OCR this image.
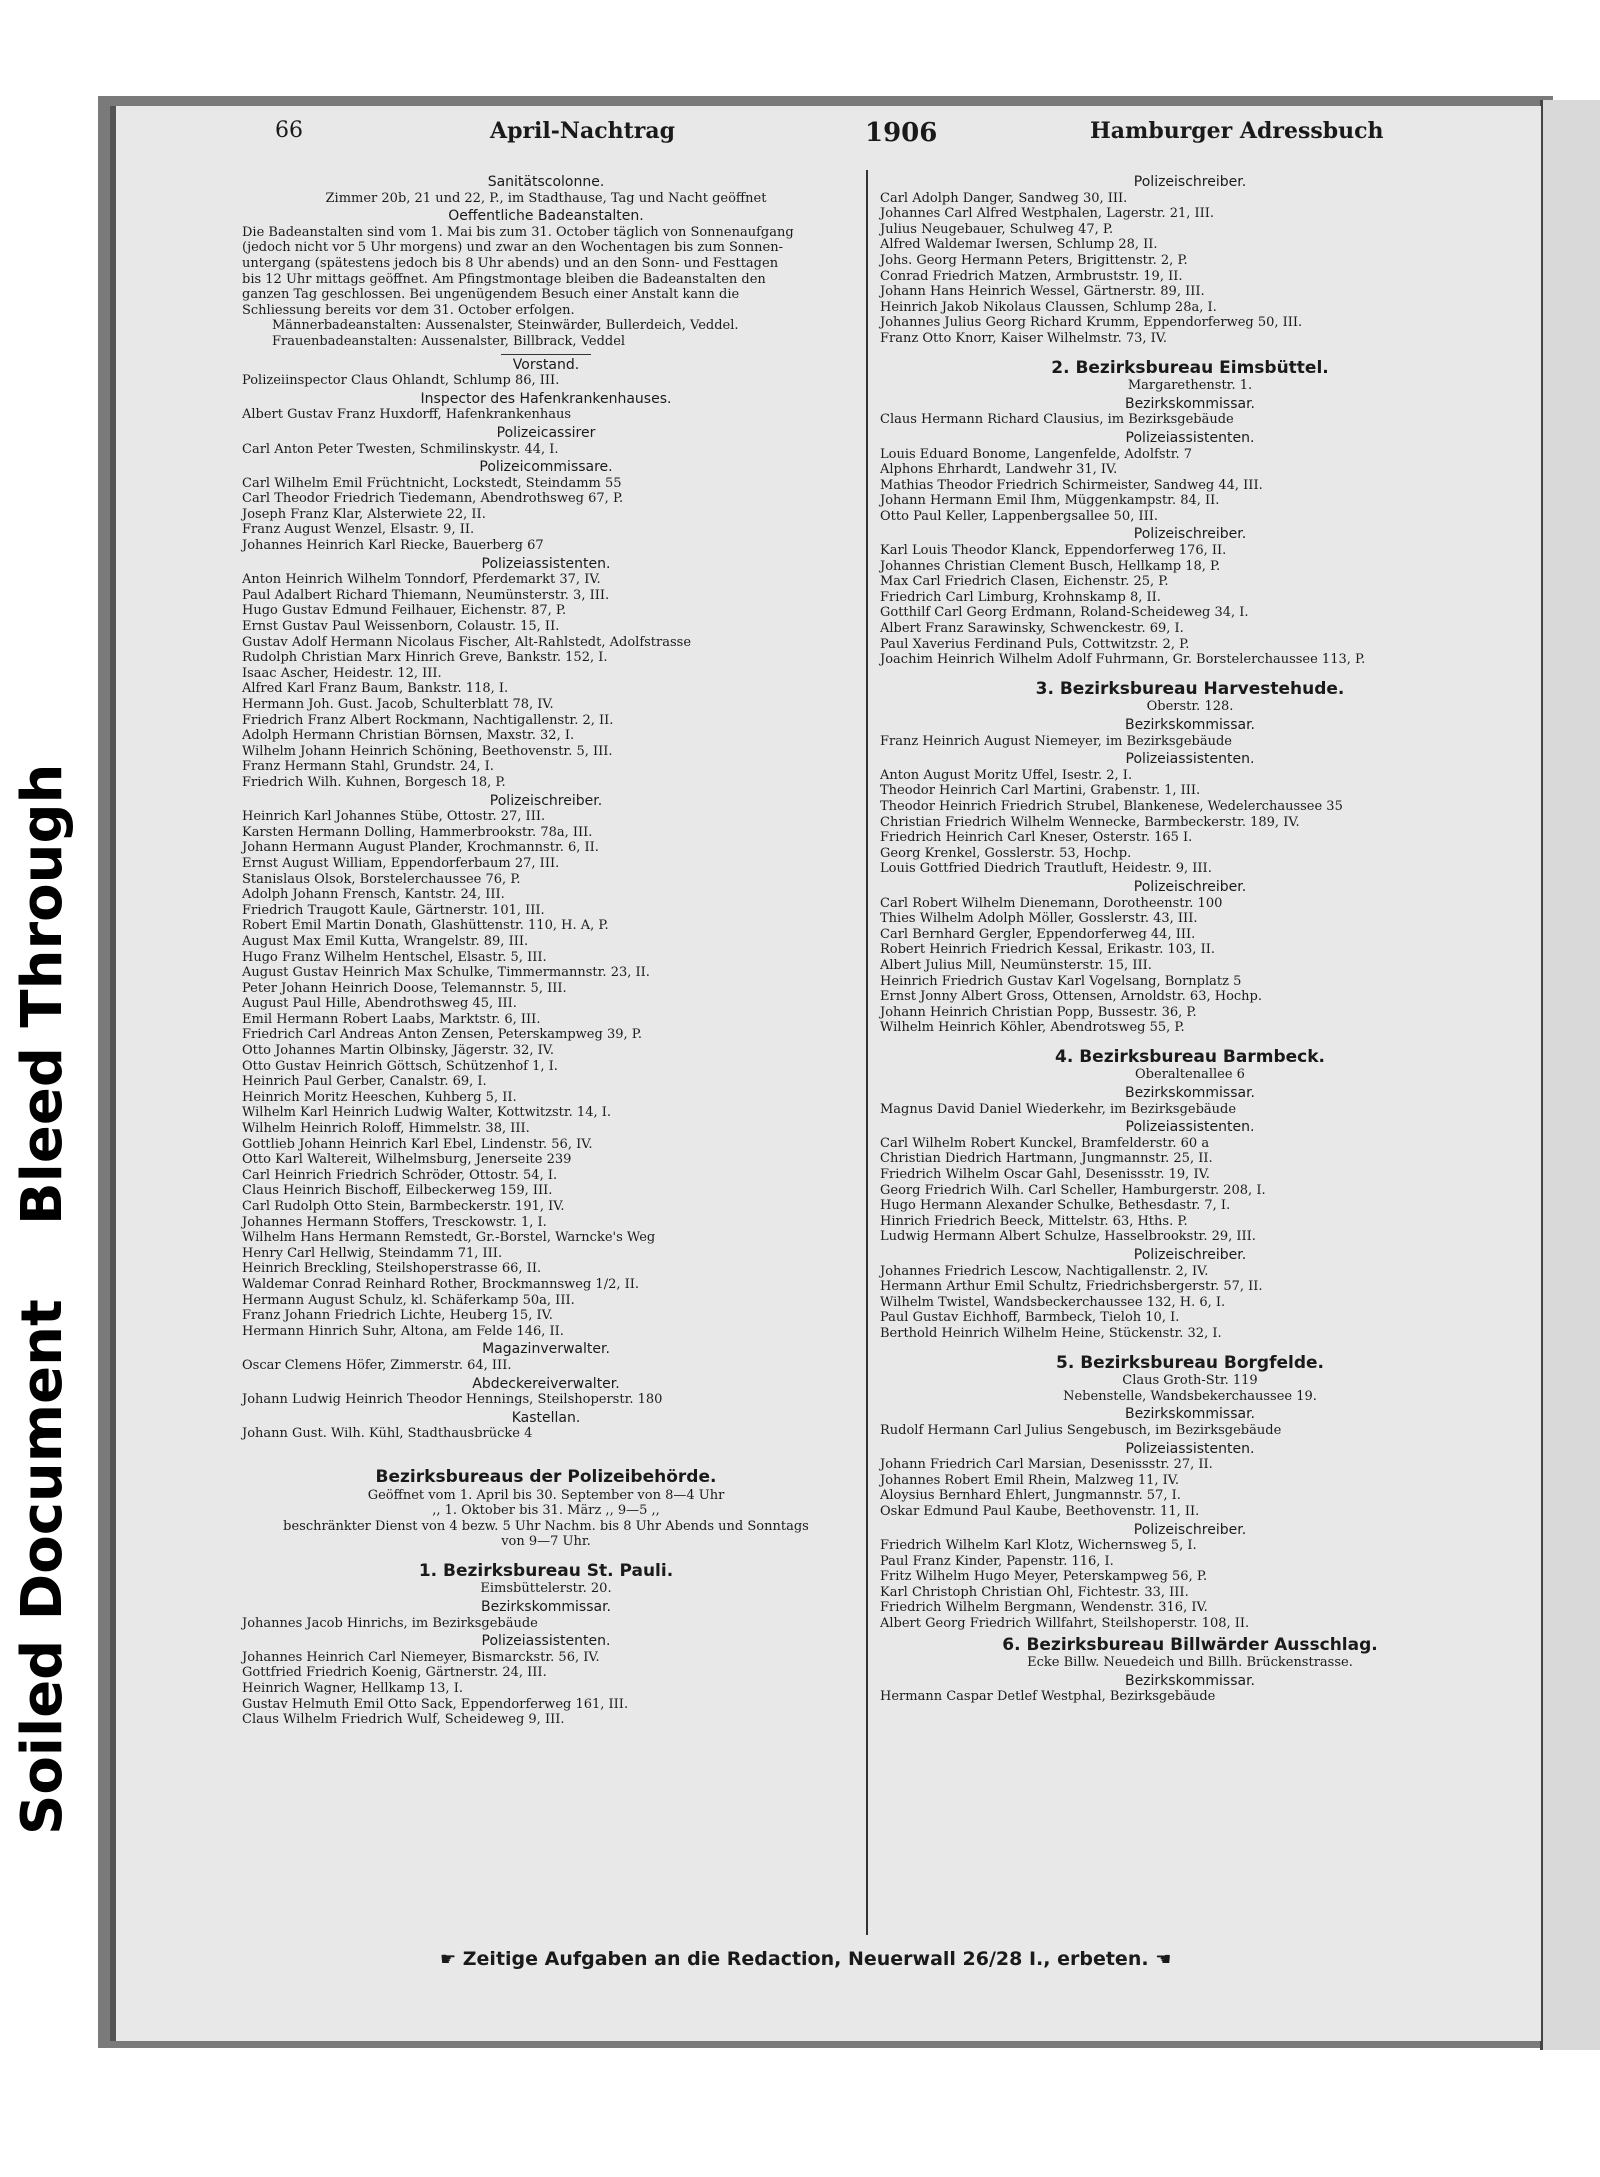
Soiled Document
Bleed Through
66	April-Nachtrag	1906	Hamburger Adressbuch
Sanitätscolonne.
Zimmer 20b, 21 und 22, P., im Stadthause, Tag und Nacht geöffnet
Oeffentliche Badeanstalten.
Die Badeanstalten sind vom 1. Mai bis zum 31. October täglich von Sonnenaufgang
(jedoch nicht vor 5 Uhr morgens) und zwar an den Wochentagen bis zum Sonnen-
untergang (spätestens jedoch bis 8 Uhr abends) und an den Sonn- und Festtagen
bis 12 Uhr mittags geöffnet. Am Pfingstmontage bleiben die Badeanstalten den
ganzen Tag geschlossen. Bei ungenügendem Besuch einer Anstalt kann die
Schliessung bereits vor dem 31. October erfolgen.
Männerbadeanstalten: Aussenalster, Steinwärder, Bullerdeich, Veddel.
Frauenbadeanstalten: Aussenalster, Billbrack, Veddel
Vorstand.
Polizeiinspector Claus Ohlandt, Schlump 86, III.
Inspector des Hafenkrankenhauses.
Albert Gustav Franz Huxdorff, Hafenkrankenhaus
Polizeicassirer
Carl Anton Peter Twesten, Schmilinskystr. 44, I.
Polizeicommissare.
Carl Wilhelm Emil Früchtnicht, Lockstedt, Steindamm 55
Carl Theodor Friedrich Tiedemann, Abendrothsweg 67, P.
Joseph Franz Klar, Alsterwiete 22, II.
Franz August Wenzel, Elsastr. 9, II.
Johannes Heinrich Karl Riecke, Bauerberg 67
Polizeiassistenten.
Anton Heinrich Wilhelm Tonndorf, Pferdemarkt 37, IV.
Paul Adalbert Richard Thiemann, Neumünsterstr. 3, III.
Hugo Gustav Edmund Feilhauer, Eichenstr. 87, P.
Ernst Gustav Paul Weissenborn, Colaustr. 15, II.
Gustav Adolf Hermann Nicolaus Fischer, Alt-Rahlstedt, Adolfstrasse
Rudolph Christian Marx Hinrich Greve, Bankstr. 152, I.
Isaac Ascher, Heidestr. 12, III.
Alfred Karl Franz Baum, Bankstr. 118, I.
Hermann Joh. Gust. Jacob, Schulterblatt 78, IV.
Friedrich Franz Albert Rockmann, Nachtigallenstr. 2, II.
Adolph Hermann Christian Börnsen, Maxstr. 32, I.
Wilhelm Johann Heinrich Schöning, Beethovenstr. 5, III.
Franz Hermann Stahl, Grundstr. 24, I.
Friedrich Wilh. Kuhnen, Borgesch 18, P.
Polizeischreiber.
Heinrich Karl Johannes Stübe, Ottostr. 27, III.
Karsten Hermann Dolling, Hammerbrookstr. 78a, III.
Johann Hermann August Plander, Krochmannstr. 6, II.
Ernst August William, Eppendorferbaum 27, III.
Stanislaus Olsok, Borstelerchaussee 76, P.
Adolph Johann Frensch, Kantstr. 24, III.
Friedrich Traugott Kaule, Gärtnerstr. 101, III.
Robert Emil Martin Donath, Glashüttenstr. 110, H. A, P.
August Max Emil Kutta, Wrangelstr. 89, III.
Hugo Franz Wilhelm Hentschel, Elsastr. 5, III.
August Gustav Heinrich Max Schulke, Timmermannstr. 23, II.
Peter Johann Heinrich Doose, Telemannstr. 5, III.
August Paul Hille, Abendrothsweg 45, III.
Emil Hermann Robert Laabs, Marktstr. 6, III.
Friedrich Carl Andreas Anton Zensen, Peterskampweg 39, P.
Otto Johannes Martin Olbinsky, Jägerstr. 32, IV.
Otto Gustav Heinrich Göttsch, Schützenhof 1, I.
Heinrich Paul Gerber, Canalstr. 69, I.
Heinrich Moritz Heeschen, Kuhberg 5, II.
Wilhelm Karl Heinrich Ludwig Walter, Kottwitzstr. 14, I.
Wilhelm Heinrich Roloff, Himmelstr. 38, III.
Gottlieb Johann Heinrich Karl Ebel, Lindenstr. 56, IV.
Otto Karl Waltereit, Wilhelmsburg, Jenerseite 239
Carl Heinrich Friedrich Schröder, Ottostr. 54, I.
Claus Heinrich Bischoff, Eilbeckerweg 159, III.
Carl Rudolph Otto Stein, Barmbeckerstr. 191, IV.
Johannes Hermann Stoffers, Tresckowstr. 1, I.
Wilhelm Hans Hermann Remstedt, Gr.-Borstel, Warncke's Weg
Henry Carl Hellwig, Steindamm 71, III.
Heinrich Breckling, Steilshoperstrasse 66, II.
Waldemar Conrad Reinhard Rother, Brockmannsweg 1/2, II.
Hermann August Schulz, kl. Schäferkamp 50a, III.
Franz Johann Friedrich Lichte, Heuberg 15, IV.
Hermann Hinrich Suhr, Altona, am Felde 146, II.
Magazinverwalter.
Oscar Clemens Höfer, Zimmerstr. 64, III.
Abdeckereiverwalter.
Johann Ludwig Heinrich Theodor Hennings, Steilshoperstr. 180
Kastellan.
Johann Gust. Wilh. Kühl, Stadthausbrücke 4
Bezirksbureaus der Polizeibehörde.
Geöffnet vom 1. April bis 30. September von 8—4 Uhr
,, 1. Oktober bis 31. März ,, 9—5 ,,
beschränkter Dienst von 4 bezw. 5 Uhr Nachm. bis 8 Uhr Abends und Sonntags
von 9—7 Uhr.
1. Bezirksbureau St. Pauli.
Eimsbüttelerstr. 20.
Bezirkskommissar.
Johannes Jacob Hinrichs, im Bezirksgebäude
Polizeiassistenten.
Johannes Heinrich Carl Niemeyer, Bismarckstr. 56, IV.
Gottfried Friedrich Koenig, Gärtnerstr. 24, III.
Heinrich Wagner, Hellkamp 13, I.
Gustav Helmuth Emil Otto Sack, Eppendorferweg 161, III.
Claus Wilhelm Friedrich Wulf, Scheideweg 9, III.
Polizeischreiber.
Carl Adolph Danger, Sandweg 30, III.
Johannes Carl Alfred Westphalen, Lagerstr. 21, III.
Julius Neugebauer, Schulweg 47, P.
Alfred Waldemar Iwersen, Schlump 28, II.
Johs. Georg Hermann Peters, Brigittenstr. 2, P.
Conrad Friedrich Matzen, Armbruststr. 19, II.
Johann Hans Heinrich Wessel, Gärtnerstr. 89, III.
Heinrich Jakob Nikolaus Claussen, Schlump 28a, I.
Johannes Julius Georg Richard Krumm, Eppendorferweg 50, III.
Franz Otto Knorr, Kaiser Wilhelmstr. 73, IV.
2. Bezirksbureau Eimsbüttel.
Margarethenstr. 1.
Bezirkskommissar.
Claus Hermann Richard Clausius, im Bezirksgebäude
Polizeiassistenten.
Louis Eduard Bonome, Langenfelde, Adolfstr. 7
Alphons Ehrhardt, Landwehr 31, IV.
Mathias Theodor Friedrich Schirmeister, Sandweg 44, III.
Johann Hermann Emil Ihm, Müggenkampstr. 84, II.
Otto Paul Keller, Lappenbergsallee 50, III.
Polizeischreiber.
Karl Louis Theodor Klanck, Eppendorferweg 176, II.
Johannes Christian Clement Busch, Hellkamp 18, P.
Max Carl Friedrich Clasen, Eichenstr. 25, P.
Friedrich Carl Limburg, Krohnskamp 8, II.
Gotthilf Carl Georg Erdmann, Roland-Scheideweg 34, I.
Albert Franz Sarawinsky, Schwenckestr. 69, I.
Paul Xaverius Ferdinand Puls, Cottwitzstr. 2, P.
Joachim Heinrich Wilhelm Adolf Fuhrmann, Gr. Borstelerchaussee 113, P.
3. Bezirksbureau Harvestehude.
Oberstr. 128.
Bezirkskommissar.
Franz Heinrich August Niemeyer, im Bezirksgebäude
Polizeiassistenten.
Anton August Moritz Uffel, Isestr. 2, I.
Theodor Heinrich Carl Martini, Grabenstr. 1, III.
Theodor Heinrich Friedrich Strubel, Blankenese, Wedelerchaussee 35
Christian Friedrich Wilhelm Wennecke, Barmbeckerstr. 189, IV.
Friedrich Heinrich Carl Kneser, Osterstr. 165 I.
Georg Krenkel, Gosslerstr. 53, Hochp.
Louis Gottfried Diedrich Trautluft, Heidestr. 9, III.
Polizeischreiber.
Carl Robert Wilhelm Dienemann, Dorotheenstr. 100
Thies Wilhelm Adolph Möller, Gosslerstr. 43, III.
Carl Bernhard Gergler, Eppendorferweg 44, III.
Robert Heinrich Friedrich Kessal, Erikastr. 103, II.
Albert Julius Mill, Neumünsterstr. 15, III.
Heinrich Friedrich Gustav Karl Vogelsang, Bornplatz 5
Ernst Jonny Albert Gross, Ottensen, Arnoldstr. 63, Hochp.
Johann Heinrich Christian Popp, Bussestr. 36, P.
Wilhelm Heinrich Köhler, Abendrotsweg 55, P.
4. Bezirksbureau Barmbeck.
Oberaltenallee 6
Bezirkskommissar.
Magnus David Daniel Wiederkehr, im Bezirksgebäude
Polizeiassistenten.
Carl Wilhelm Robert Kunckel, Bramfelderstr. 60 a
Christian Diedrich Hartmann, Jungmannstr. 25, II.
Friedrich Wilhelm Oscar Gahl, Desenissstr. 19, IV.
Georg Friedrich Wilh. Carl Scheller, Hamburgerstr. 208, I.
Hugo Hermann Alexander Schulke, Bethesdastr. 7, I.
Hinrich Friedrich Beeck, Mittelstr. 63, Hths. P.
Ludwig Hermann Albert Schulze, Hasselbrookstr. 29, III.
Polizeischreiber.
Johannes Friedrich Lescow, Nachtigallenstr. 2, IV.
Hermann Arthur Emil Schultz, Friedrichsbergerstr. 57, II.
Wilhelm Twistel, Wandsbeckerchaussee 132, H. 6, I.
Paul Gustav Eichhoff, Barmbeck, Tieloh 10, I.
Berthold Heinrich Wilhelm Heine, Stückenstr. 32, I.
5. Bezirksbureau Borgfelde.
Claus Groth-Str. 119
Nebenstelle, Wandsbekerchaussee 19.
Bezirkskommissar.
Rudolf Hermann Carl Julius Sengebusch, im Bezirksgebäude
Polizeiassistenten.
Johann Friedrich Carl Marsian, Desenissstr. 27, II.
Johannes Robert Emil Rhein, Malzweg 11, IV.
Aloysius Bernhard Ehlert, Jungmannstr. 57, I.
Oskar Edmund Paul Kaube, Beethovenstr. 11, II.
Polizeischreiber.
Friedrich Wilhelm Karl Klotz, Wichernsweg 5, I.
Paul Franz Kinder, Papenstr. 116, I.
Fritz Wilhelm Hugo Meyer, Peterskampweg 56, P.
Karl Christoph Christian Ohl, Fichtestr. 33, III.
Friedrich Wilhelm Bergmann, Wendenstr. 316, IV.
Albert Georg Friedrich Willfahrt, Steilshoperstr. 108, II.
6. Bezirksbureau Billwärder Ausschlag.
Ecke Billw. Neuedeich und Billh. Brückenstrasse.
Bezirkskommissar.
Hermann Caspar Detlef Westphal, Bezirksgebäude
☛ Zeitige Aufgaben an die Redaction, Neuerwall 26/28 I., erbeten. ☚
